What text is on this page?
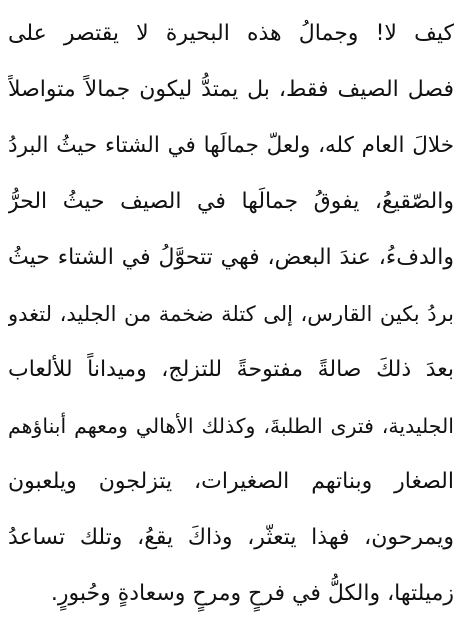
كيف لا! وجمالُ هذه البحيرة لا يقتصر على
فصل الصيف فقط، بل يمتدُّ ليكون جمالاً متواصلاً
خلالَ العام كله، ولعلّ جمالَها في الشتاء حيثُ البردُ
والصّقيعُ، يفوقُ جمالَها في الصيف حيثُ الحرُّ
والدفءُ، عندَ البعض، فهي تتحوَّلُ في الشتاء حيثُ
بردُ بكين القارس، إلى كتلة ضخمة من الجليد، لتغدو
بعدَ ذلكَ صالةً مفتوحةً للتزلج، وميداناً للألعاب
الجليدية، فترى الطلبةَ، وكذلك الأهالي ومعهم أبناؤهم
الصغار وبناتهم الصغيرات، يتزلجون ويلعبون
ويمرحون، فهذا يتعثّر، وذاكَ يقعُ، وتلك تساعدُ
زميلتها، والكلُّ في فرحٍ ومرحٍ وسعادةٍ وحُبورٍ.
